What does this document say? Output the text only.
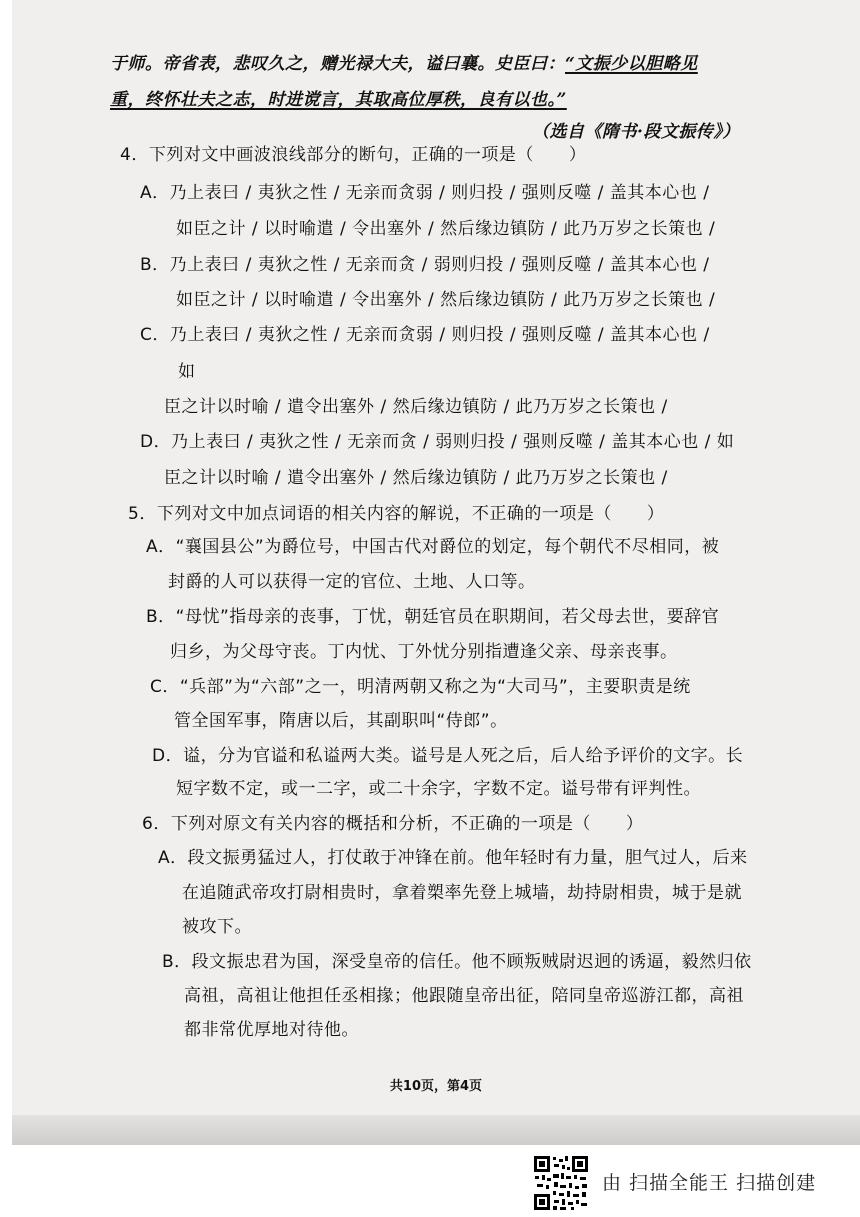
于师。帝省表，悲叹久之，赠光禄大夫，谥曰襄。史臣曰：“文振少以胆略见
重，终怀壮夫之志，时进谠言，其取高位厚秩，良有以也。”
（选自《隋书·段文振传》）
4．下列对文中画波浪线部分的断句，正确的一项是（　　）
A．乃上表曰 / 夷狄之性 / 无亲而贪弱 / 则归投 / 强则反噬 / 盖其本心也 /
如臣之计 / 以时喻遣 / 令出塞外 / 然后缘边镇防 / 此乃万岁之长策也 /
B．乃上表曰 / 夷狄之性 / 无亲而贪 / 弱则归投 / 强则反噬 / 盖其本心也 /
如臣之计 / 以时喻遣 / 令出塞外 / 然后缘边镇防 / 此乃万岁之长策也 /
C．乃上表曰 / 夷狄之性 / 无亲而贪弱 / 则归投 / 强则反噬 / 盖其本心也 /
如
臣之计以时喻 / 遣令出塞外 / 然后缘边镇防 / 此乃万岁之长策也 /
D．乃上表曰 / 夷狄之性 / 无亲而贪 / 弱则归投 / 强则反噬 / 盖其本心也 / 如
臣之计以时喻 / 遣令出塞外 / 然后缘边镇防 / 此乃万岁之长策也 /
5．下列对文中加点词语的相关内容的解说，不正确的一项是（　　）
A．“襄国县公”为爵位号，中国古代对爵位的划定，每个朝代不尽相同，被
封爵的人可以获得一定的官位、土地、人口等。
B．“母忧”指母亲的丧事，丁忧，朝廷官员在职期间，若父母去世，要辞官
归乡，为父母守丧。丁内忧、丁外忧分别指遭逢父亲、母亲丧事。
C．“兵部”为“六部”之一，明清两朝又称之为“大司马”，主要职责是统
管全国军事，隋唐以后，其副职叫“侍郎”。
D．谥，分为官谥和私谥两大类。谥号是人死之后，后人给予评价的文字。长
短字数不定，或一二字，或二十余字，字数不定。谥号带有评判性。
6．下列对原文有关内容的概括和分析，不正确的一项是（　　）
A．段文振勇猛过人，打仗敢于冲锋在前。他年轻时有力量，胆气过人，后来
在追随武帝攻打尉相贵时，拿着槊率先登上城墙，劫持尉相贵，城于是就
被攻下。
B．段文振忠君为国，深受皇帝的信任。他不顾叛贼尉迟迥的诱逼，毅然归依
高祖，高祖让他担任丞相掾；他跟随皇帝出征，陪同皇帝巡游江都，高祖
都非常优厚地对待他。
共10页，第4页
由 扫描全能王 扫描创建
